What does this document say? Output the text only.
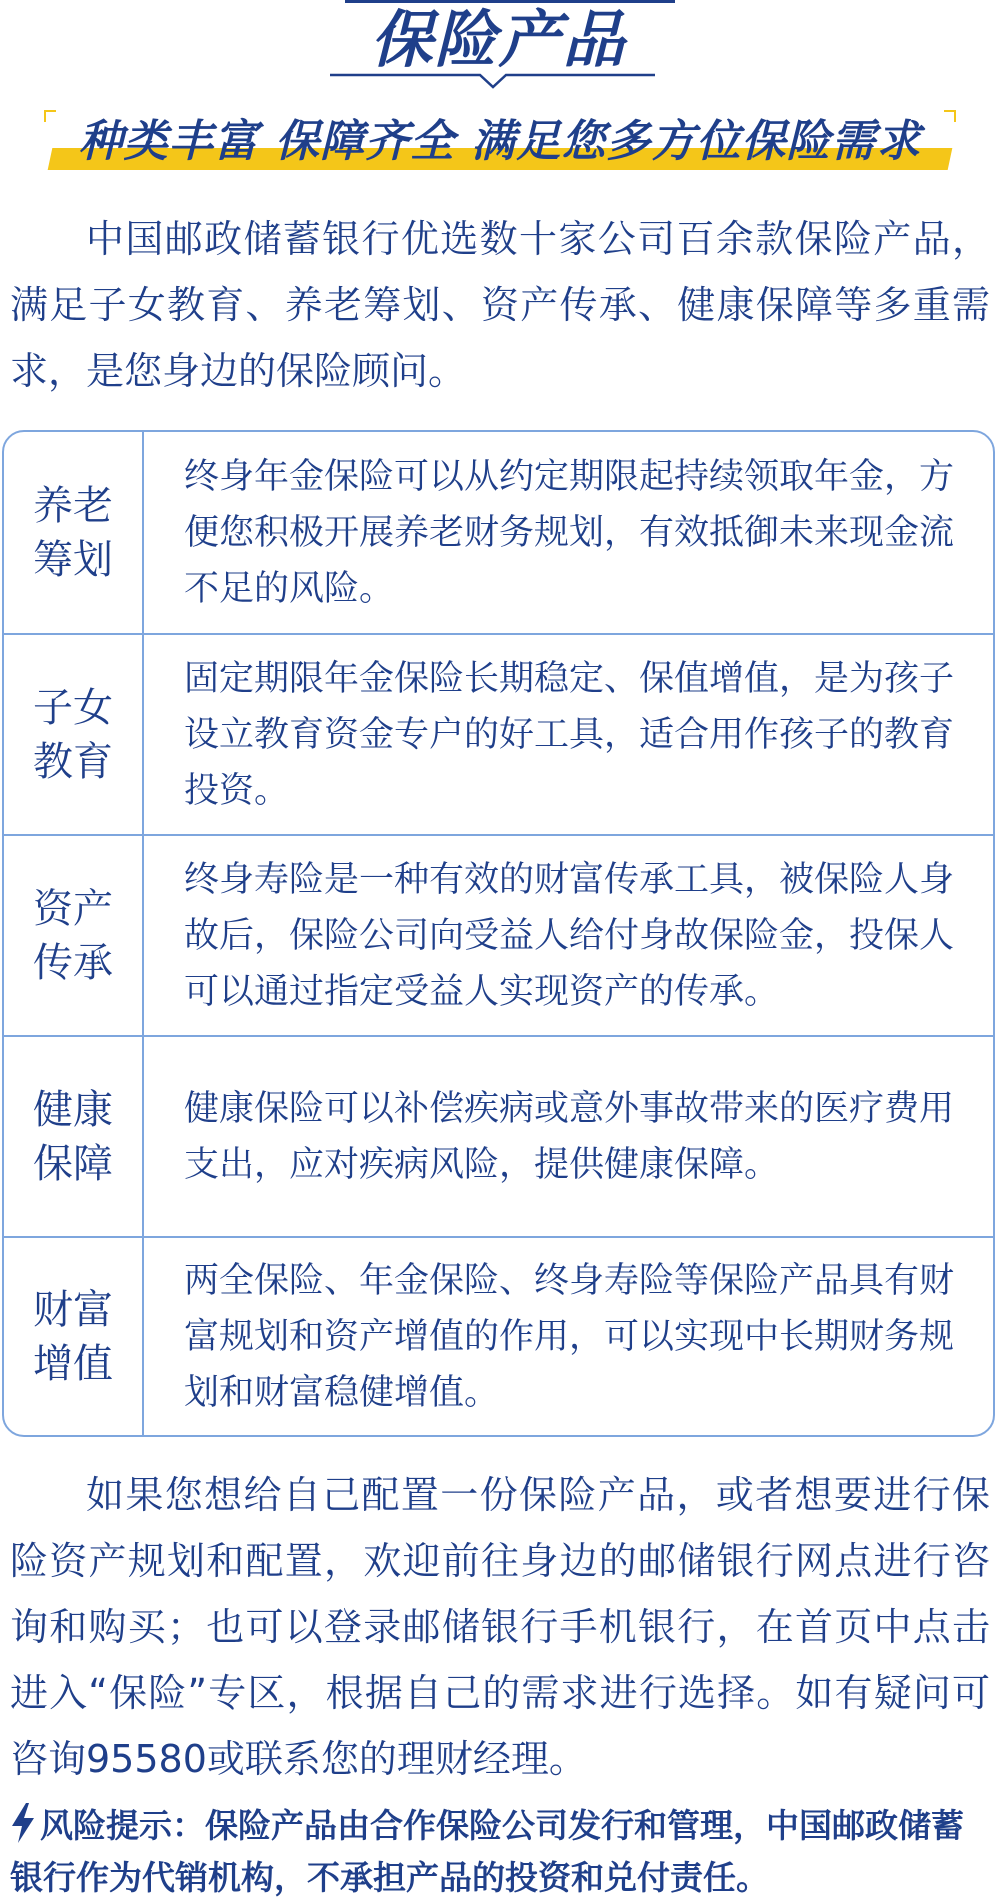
保险产品
种类丰富 保障齐全 满足您多方位保险需求
中国邮政储蓄银行优选数十家公司百余款保险产品，满足子女教育、养老筹划、资产传承、健康保障等多重需求，是您身边的保险顾问。
养老筹划
终身年金保险可以从约定期限起持续领取年金，方便您积极开展养老财务规划，有效抵御未来现金流不足的风险。
子女教育
固定期限年金保险长期稳定、保值增值，是为孩子设立教育资金专户的好工具，适合用作孩子的教育投资。
资产传承
终身寿险是一种有效的财富传承工具，被保险人身故后，保险公司向受益人给付身故保险金，投保人可以通过指定受益人实现资产的传承。
健康保障
健康保险可以补偿疾病或意外事故带来的医疗费用支出，应对疾病风险，提供健康保障。
财富增值
两全保险、年金保险、终身寿险等保险产品具有财富规划和资产增值的作用，可以实现中长期财务规划和财富稳健增值。
如果您想给自己配置一份保险产品，或者想要进行保险资产规划和配置，欢迎前往身边的邮储银行网点进行咨询和购买；也可以登录邮储银行手机银行，在首页中点击进入“保险”专区，根据自己的需求进行选择。如有疑问可咨询95580或联系您的理财经理。
风险提示：保险产品由合作保险公司发行和管理，中国邮政储蓄银行作为代销机构，不承担产品的投资和兑付责任。
